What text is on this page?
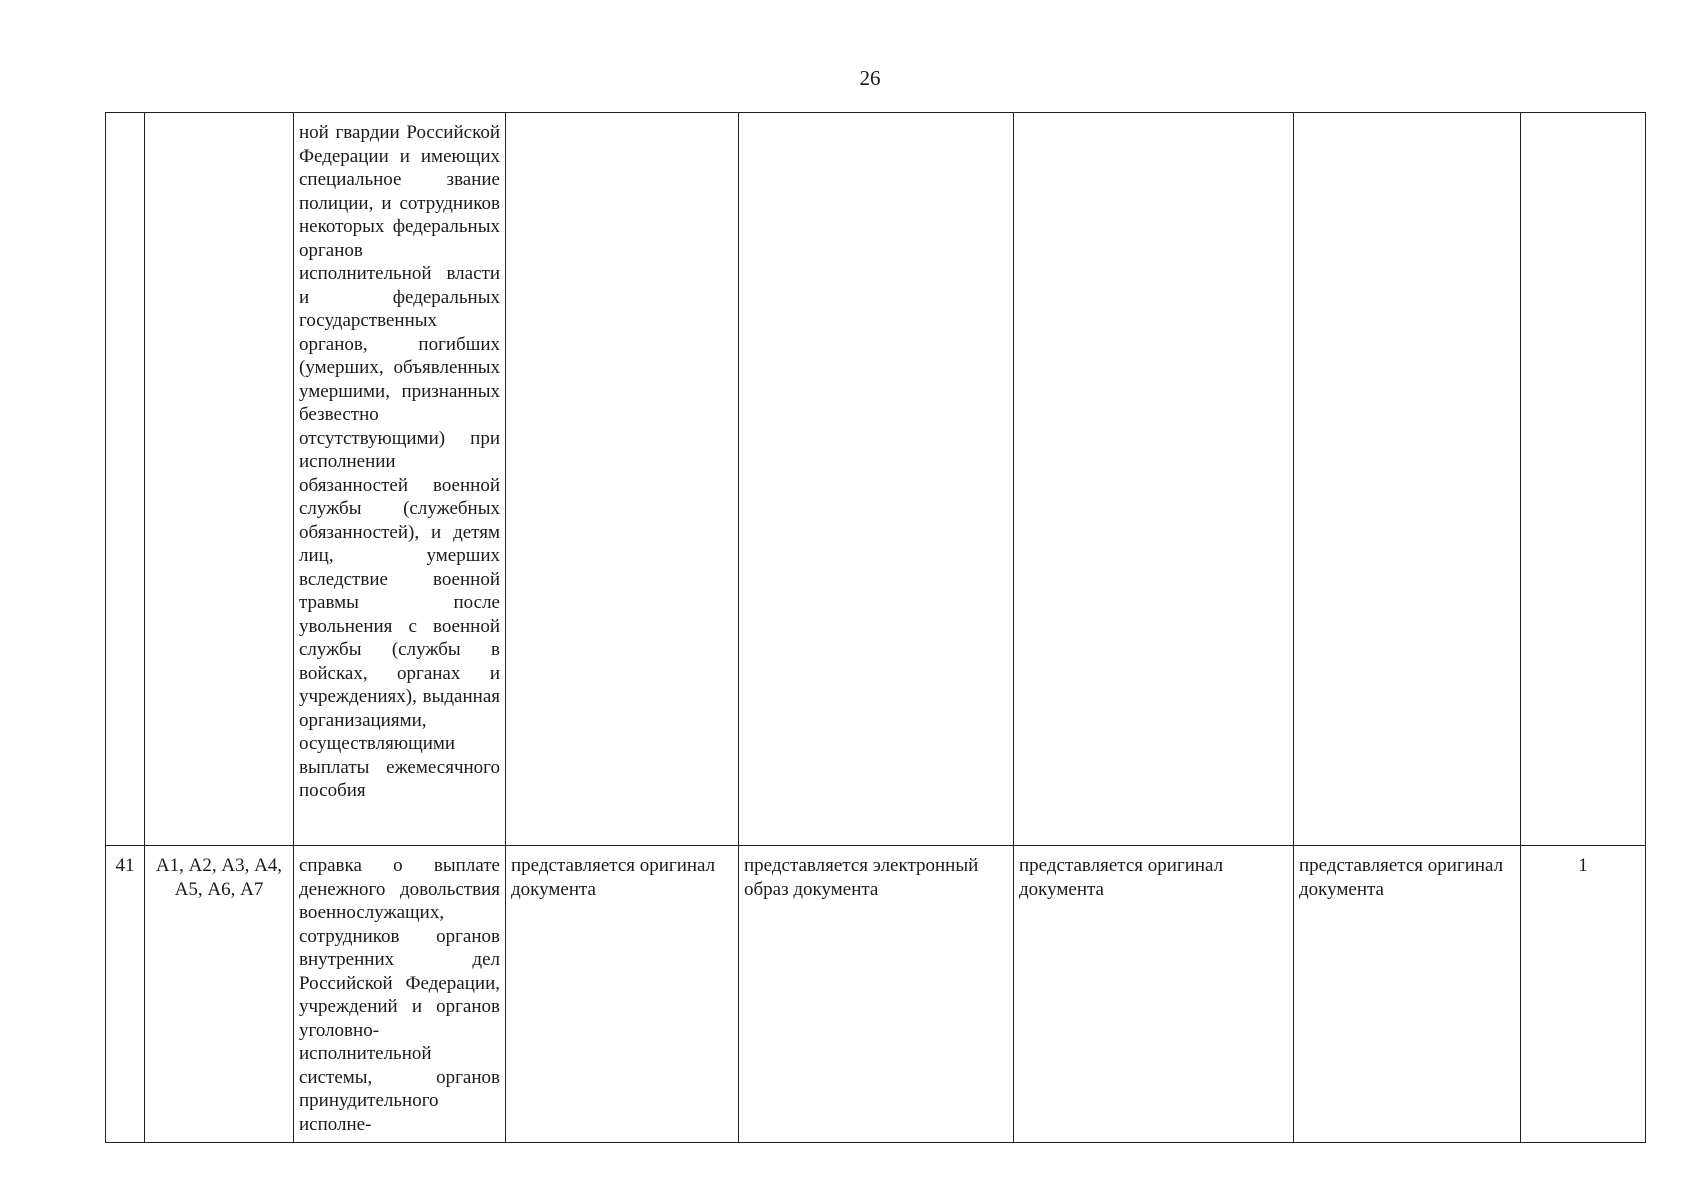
26
		ной гвардии Российской Федерации и имеющих специальное звание полиции, и сотрудников некоторых федеральных органов исполнительной власти и федеральных государственных органов, погибших (умерших, объявленных умершими, признанных безвестно отсутствующими) при исполнении обязанностей военной службы (служебных обязанностей), и детям лиц, умерших вследствие военной травмы после увольнения с военной службы (службы в войсках, органах и учреждениях), выданная организациями, осуществляющими выплаты ежемесячного пособия					
41	А1, А2, А3, А4, А5, А6, А7	справка о выплате денежного довольствия военнослужащих, сотрудников органов внутренних дел Российской Федерации, учреждений и органов уголовно-исполнительной системы, органов принудительного исполне-	представляется оригинал документа	представляется электронный образ документа	представляется оригинал документа	представляется оригинал документа	1
